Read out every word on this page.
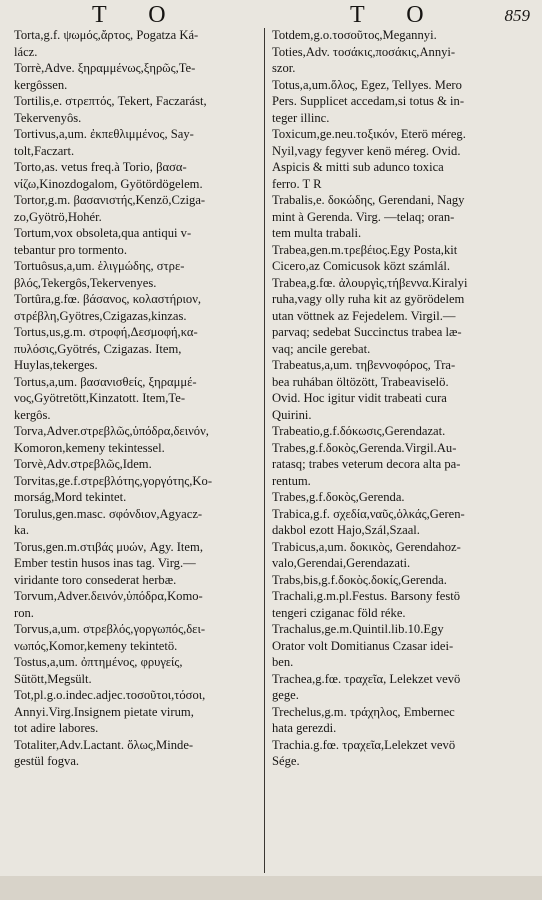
T O	T O	859

Torta,g.f. ψωμός,ἄρτος, Pogatza Ká-

lácz.

Torrè,Adve. ξηραμμένως,ξηρῶς,Te-

kergôssen.

Tortilis,e. στρεπτός, Tekert, Faczarást,

Tekervenyôs.

Tortivus,a,um. ἐκπεθλιμμένος, Say-

tolt,Faczart.

Torto,as. vetus freq.à Torio, βασα-

νίζω,Kinozdogalom, Gyötördögelem.

Tortor,g.m. βασανιστής,Kenzö,Cziga-

zo,Gyötrö,Hohér.

Tortum,vox obsoleta,qua antiqui v-

tebantur pro tormento.

Tortuôsus,a,um. ἑλιγμώδης, στρε-

βλός,Tekergôs,Tekervenyes.

Tortûra,g.fœ. βάσανος, κολαστήριον,

στρέβλη,Gyötres,Czigazas,kinzas.

Tortus,us,g.m. στροφή,Δεσμοφή,κα-

πυλόσις,Gyötrés, Czigazas. Item,

Huylas,tekerges.

Tortus,a,um. βασανισθείς, ξηραμμέ-

νος,Gyötretött,Kinzatott. Item,Te-

kergôs.

Torva,Adver.στρεβλῶς,ὑπόδρα,δεινόν,

Komoron,kemeny tekintessel.

Torvè,Adv.στρεβλῶς,Idem.

Torvitas,ge.f.στρεβλότης,γοργότης,Ko-

morság,Mord tekintet.

Torulus,gen.masc. σφόνδιον,Agyacz-

ka.

Torus,gen.m.στιβάς μυών, Agy. Item,

Ember testin husos inas tag. Virg.—

viridante toro consederat herbæ.

Torvum,Adver.δεινόν,ὑπόδρα,Komo-

ron.

Torvus,a,um. στρεβλός,γοργωπός,δει-

νωπός,Komor,kemeny tekintetö.

Tostus,a,um. ὀπτημένος, φρυγείς,

Sütött,Megsült.

Tot,pl.g.o.indec.adjec.τοσοῦτοι,τόσοι,

Annyi.Virg.Insignem pietate virum,

tot adire labores.

Totaliter,Adv.Lactant. ὅλως,Minde-

gestül fogva.

Totdem,g.o.τοσοῦτος,Megannyi.

Toties,Adv. τοσάκις,ποσάκις,Annyi-

szor.

Totus,a,um.ὅλος, Egez, Tellyes. Mero

Pers. Supplicet accedam,si totus & in-

teger illinc.

Toxicum,ge.neu.τοξικόν, Eterö méreg.

Nyil,vagy fegyver kenö méreg. Ovid.

Aspicis & mitti sub adunco toxica

ferro. T R

Trabalis,e. δοκώδης, Gerendani, Nagy

mint à Gerenda. Virg. —telaq; oran-

tem multa trabali.

Trabea,gen.m.τρεβέιος.Egy Posta,kit

Cicero,az Comicusok közt számlál.

Trabea,g.fœ. ἀλουργὶς,τήβεννα.Kiralyi

ruha,vagy olly ruha kit az györödelem

utan vöttnek az Fejedelem. Virgil.—

parvaq; sedebat Succinctus trabea læ-

vaq; ancile gerebat.

Trabeatus,a,um. τηβεννοφόρος, Tra-

bea ruhában öltözött, Trabeaviselö.

Ovid. Hoc igitur vidit trabeati cura

Quirini.

Trabeatio,g.f.δόκωσις,Gerendazat.

Trabes,g.f.δοκὸς,Gerenda.Virgil.Au-

ratasq; trabes veterum decora alta pa-

rentum.

Trabes,g.f.δοκὸς,Gerenda.

Trabica,g.f. σχεδία,ναῦς,ὁλκάς,Geren-

dakbol ezott Hajo,Szál,Szaal.

Trabicus,a,um. δοκικὸς, Gerendahoz-

valo,Gerendai,Gerendazati.

Trabs,bis,g.f.δοκὸς.δοκίς,Gerenda.

Trachali,g.m.pl.Festus. Barsony festö

tengeri cziganac föld réke.

Trachalus,ge.m.Quintil.lib.10.Egy

Orator volt Domitianus Czasar idei-

ben.

Trachea,g.fœ. τραχεῖα, Lelekzet vevö

gege.

Trechelus,g.m. τράχηλος, Embernec

hata gerezdi.

Trachia.g.fœ. τραχεῖα,Lelekzet vevö

Sége.
